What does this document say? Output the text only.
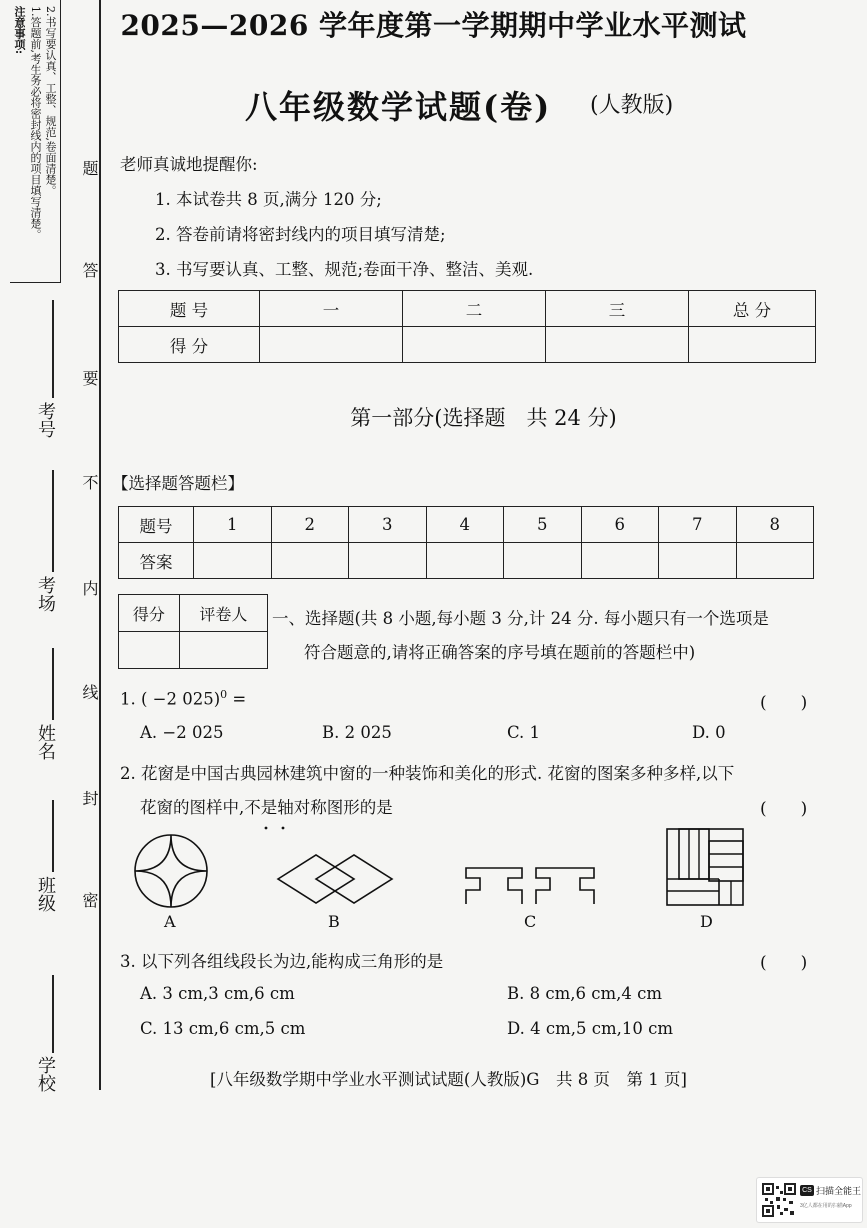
注意事项: 1.答题前,考生务必将密封线内的项目填写清楚。 2.书写要认真、工整、规范,卷面清楚。 题
答
要
不
内
线
封
密
考号
考场
姓名
班级
学校
2025—2026 学年度第一学期期中学业水平测试
八年级数学试题(卷) (人教版)
老师真诚地提醒你:
1. 本试卷共 8 页,满分 120 分;
2. 答卷前请将密封线内的项目填写清楚;
3. 书写要认真、工整、规范;卷面干净、整洁、美观.
题 号	一	二	三	总 分
得 分				
第一部分(选择题　共 24 分)
【选择题答题栏】
题号	1	2	3	4	5	6	7	8
答案								
得分	评卷人
	一、选择题(共 8 小题,每小题 3 分,计 24 分. 每小题只有一个选项是
符合题意的,请将正确答案的序号填在题前的答题栏中)
1. ( −2 025)$^0$ =	(　　)
A. −2 025	B. 2 025	C. 1	D. 0
2. 花窗是中国古典园林建筑中窗的一种装饰和美化的形式. 花窗的图案多种多样,以下
花窗的图样中,不是轴对称图形的是	(　　)
A	B	C	D
3. 以下列各组线段长为边,能构成三角形的是	(　　)
A. 3 cm,3 cm,6 cm	B. 8 cm,6 cm,4 cm
C. 13 cm,6 cm,5 cm	D. 4 cm,5 cm,10 cm
[八年级数学期中学业水平测试试题(人教版)G　共 8 页　第 1 页]
CS 扫描全能王
3亿人都在用的扫描App
